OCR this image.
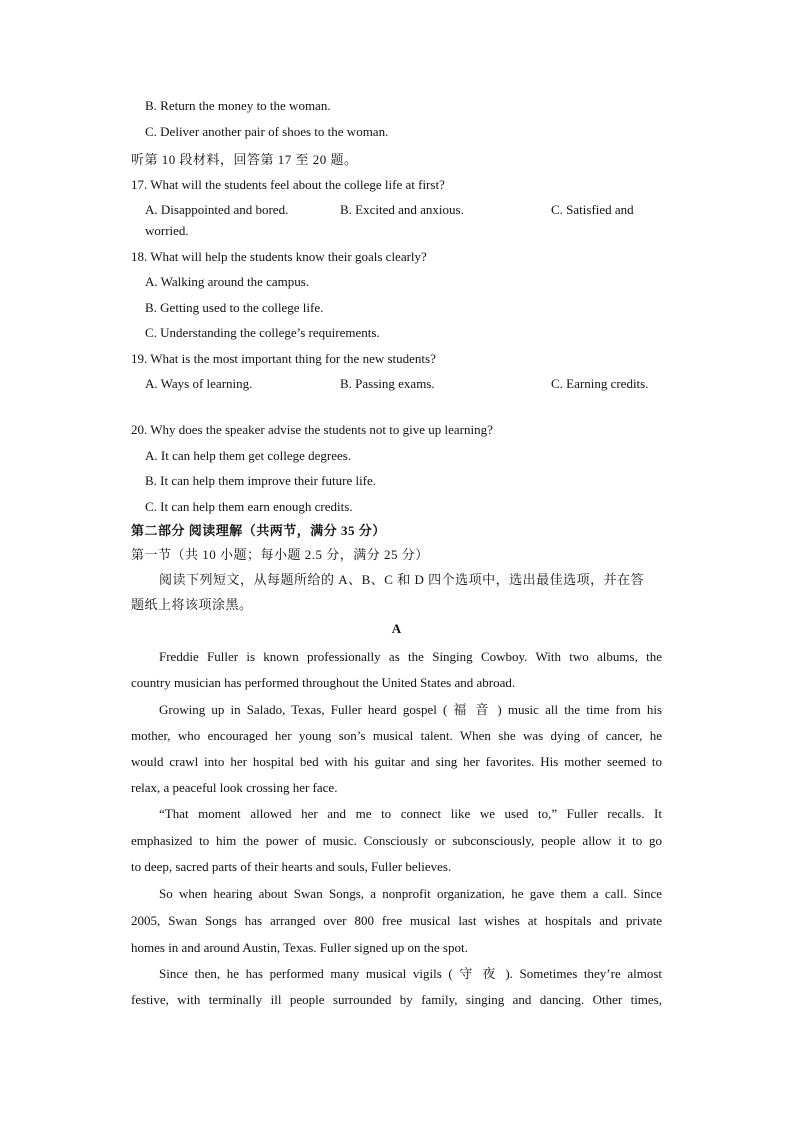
B. Return the money to the woman.
C. Deliver another pair of shoes to the woman.
听第 10 段材料，回答第 17 至 20 题。
17. What will the students feel about the college life at first?
A. Disappointed and bored.	B. Excited and anxious.	C. Satisfied and
worried.
18. What will help the students know their goals clearly?
A. Walking around the campus.
B. Getting used to the college life.
C. Understanding the college’s requirements.
19. What is the most important thing for the new students?
A. Ways of learning.	B. Passing exams.	C. Earning credits.
20. Why does the speaker advise the students not to give up learning?
A. It can help them get college degrees.
B. It can help them improve their future life.
C. It can help them earn enough credits.
第二部分 阅读理解（共两节，满分 35 分）
第一节（共 10 小题；每小题 2.5 分，满分 25 分）
阅读下列短文，从每题所给的 A、B、C 和 D 四个选项中，选出最佳选项，并在答
题纸上将该项涂黑。
A
Freddie Fuller is known professionally as the Singing Cowboy. With two albums, the
country musician has performed throughout the United States and abroad.
Growing up in Salado, Texas, Fuller heard gospel ( 福 音 ) music all the time from his
mother, who encouraged her young son’s musical talent. When she was dying of cancer, he
would crawl into her hospital bed with his guitar and sing her favorites. His mother seemed to
relax, a peaceful look crossing her face.
“That moment allowed her and me to connect like we used to,” Fuller recalls. It
emphasized to him the power of music. Consciously or subconsciously, people allow it to go
to deep, sacred parts of their hearts and souls, Fuller believes.
So when hearing about Swan Songs, a nonprofit organization, he gave them a call. Since
2005, Swan Songs has arranged over 800 free musical last wishes at hospitals and private
homes in and around Austin, Texas. Fuller signed up on the spot.
Since then, he has performed many musical vigils ( 守 夜 ). Sometimes they’re almost
festive, with terminally ill people surrounded by family, singing and dancing. Other times,
